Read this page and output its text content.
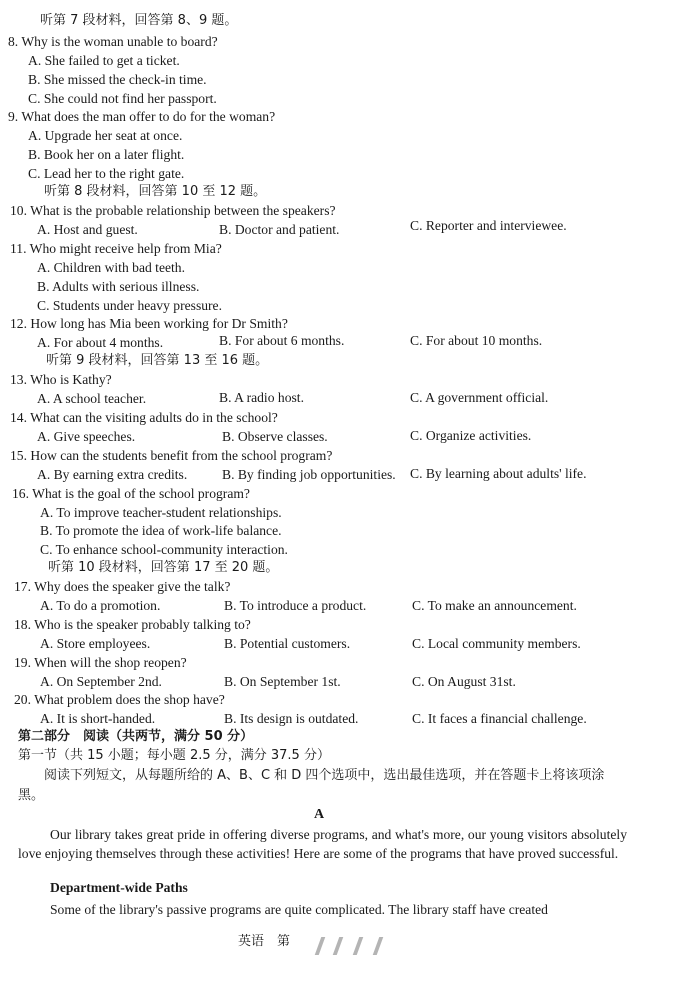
听第 7 段材料，回答第 8、9 题。
8. Why is the woman unable to board?
A. She failed to get a ticket.
B. She missed the check-in time.
C. She could not find her passport.
9. What does the man offer to do for the woman?
A. Upgrade her seat at once.
B. Book her on a later flight.
C. Lead her to the right gate.
听第 8 段材料，回答第 10 至 12 题。
10. What is the probable relationship between the speakers?
A. Host and guest.	B. Doctor and patient.	C. Reporter and interviewee.
11. Who might receive help from Mia?
A. Children with bad teeth.
B. Adults with serious illness.
C. Students under heavy pressure.
12. How long has Mia been working for Dr Smith?
A. For about 4 months.	B. For about 6 months.	C. For about 10 months.
听第 9 段材料，回答第 13 至 16 题。
13. Who is Kathy?
A. A school teacher.	B. A radio host.	C. A government official.
14. What can the visiting adults do in the school?
A. Give speeches.	B. Observe classes.	C. Organize activities.
15. How can the students benefit from the school program?
A. By earning extra credits.	B. By finding job opportunities. C. By learning about adults' life.
16. What is the goal of the school program?
A. To improve teacher-student relationships.
B. To promote the idea of work-life balance.
C. To enhance school-community interaction.
听第 10 段材料，回答第 17 至 20 题。
17. Why does the speaker give the talk?
A. To do a promotion.	B. To introduce a product.	C. To make an announcement.
18. Who is the speaker probably talking to?
A. Store employees.	B. Potential customers.	C. Local community members.
19. When will the shop reopen?
A. On September 2nd.	B. On September 1st.	C. On August 31st.
20. What problem does the shop have?
A. It is short-handed.	B. Its design is outdated.	C. It faces a financial challenge.
第二部分　阅读（共两节，满分 50 分）
第一节（共 15 小题；每小题 2.5 分，满分 37.5 分）
阅读下列短文，从每题所给的 A、B、C 和 D 四个选项中，选出最佳选项，并在答题卡上将该项涂黑。
A
Our library takes great pride in offering diverse programs, and what's more, our young visitors absolutely love enjoying themselves through these activities! Here are some of the programs that have proved successful.
Department-wide Paths
Some of the library's passive programs are quite complicated. The library staff have created
英语　第
